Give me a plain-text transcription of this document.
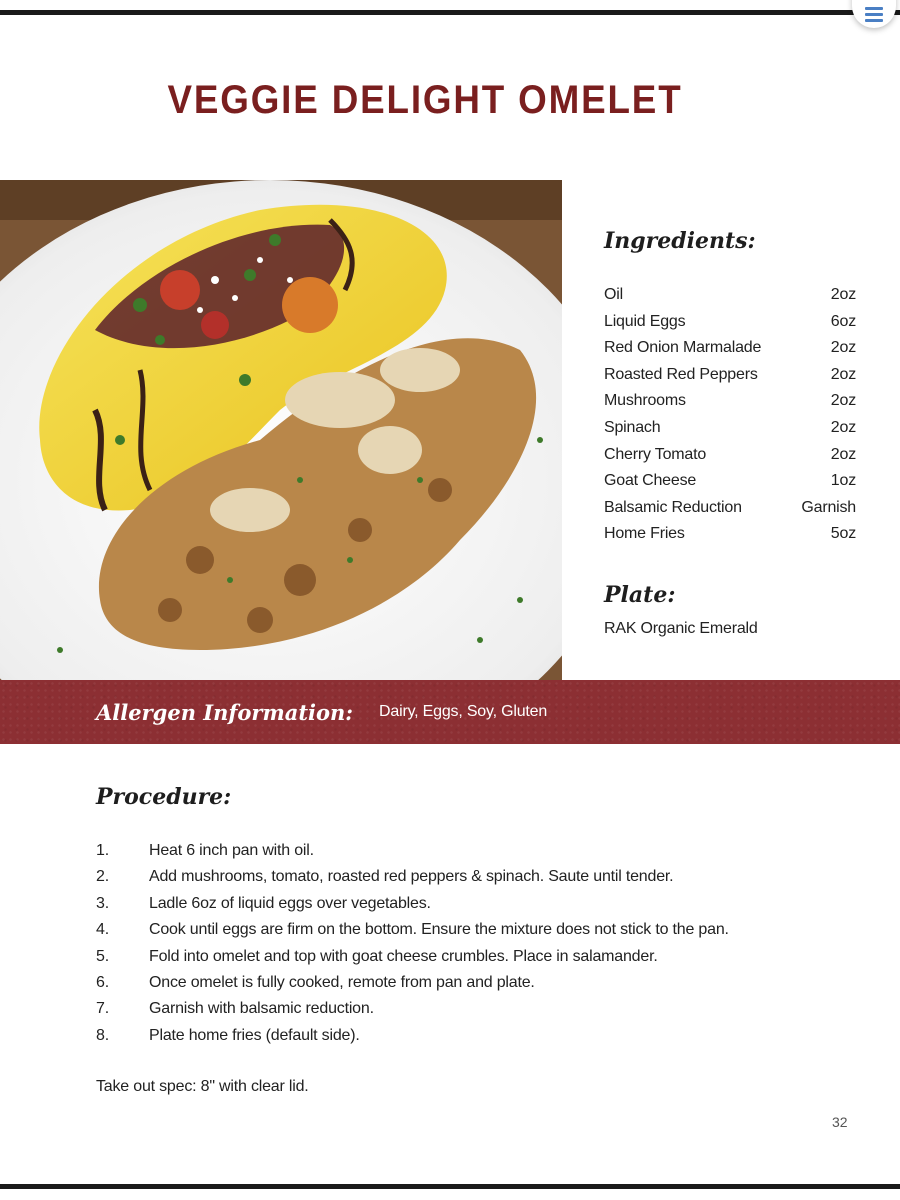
VEGGIE DELIGHT OMELET
Ingredients:
Oil	2oz
Liquid Eggs	6oz
Red Onion Marmalade	2oz
Roasted Red Peppers	2oz
Mushrooms	2oz
Spinach	2oz
Cherry Tomato	2oz
Goat Cheese	1oz
Balsamic Reduction	Garnish
Home Fries	5oz
Plate:
RAK Organic Emerald
Allergen Information: Dairy, Eggs, Soy, Gluten
Procedure:
1.	Heat 6 inch pan with oil.
2.	Add mushrooms, tomato, roasted red peppers & spinach. Saute until tender.
3.	Ladle 6oz of liquid eggs over vegetables.
4.	Cook until eggs are firm on the bottom. Ensure the mixture does not stick to the pan.
5.	Fold into omelet and top with goat cheese crumbles. Place in salamander.
6.	Once omelet is fully cooked, remote from pan and plate.
7.	Garnish with balsamic reduction.
8.	Plate home fries (default side).
Take out spec: 8" with clear lid.
32
